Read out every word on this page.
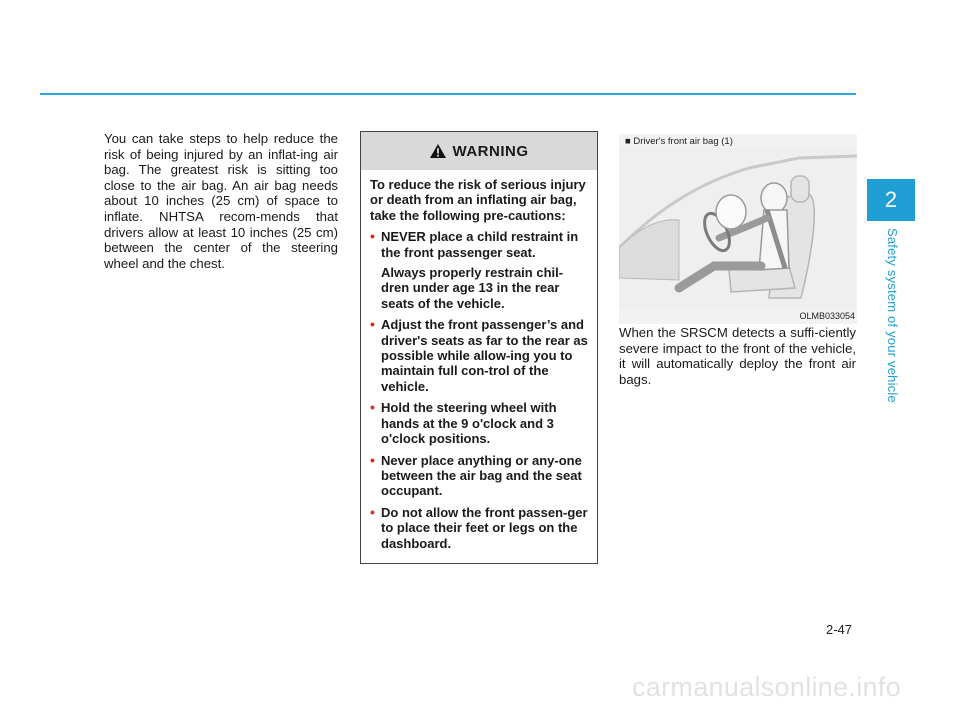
2
Safety system of your vehicle

You can take steps to help reduce the risk of being injured by an inflat-ing air bag. The greatest risk is sitting too close to the air bag. An air bag needs about 10 inches (25 cm) of space to inflate. NHTSA recom-mends that drivers allow at least 10 inches (25 cm) between the center of the steering wheel and the chest.

WARNING

To reduce the risk of serious injury or death from an inflating air bag, take the following pre-cautions:

• NEVER place a child restraint in the front passenger seat.

Always properly restrain chil-dren under age 13 in the rear seats of the vehicle.

• Adjust the front passenger’s and driver's seats as far to the rear as possible while allow-ing you to maintain full con-trol of the vehicle.

• Hold the steering wheel with hands at the 9 o'clock and 3 o'clock positions.

• Never place anything or any-one between the air bag and the seat occupant.

• Do not allow the front passen-ger to place their feet or legs on the dashboard.

■ Driver's front air bag (1)
OLMB033054

When the SRSCM detects a suffi-ciently severe impact to the front of the vehicle, it will automatically deploy the front air bags.

2-47
carmanualsonline.info
